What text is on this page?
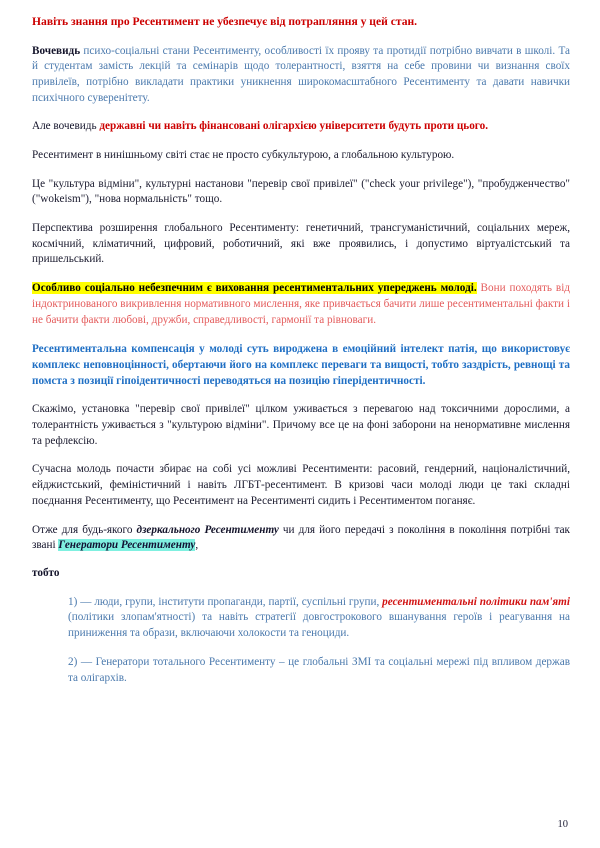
Навіть знання про Ресентимент не убезпечує від потрапляння у цей стан.

Вочевидь психо-соціальні стани Ресентименту, особливості їх прояву та протидії потрібно вивчати в школі. Та й студентам замість лекцій та семінарів щодо толерантності, взяття на себе провини чи визнання своїх привілеїв, потрібно викладати практики уникнення широкомасштабного Ресентименту та давати навички психічного суверенітету.

Але вочевидь державні чи навіть фінансовані олігархією університети будуть проти цього.

Ресентимент в нинішньому світі стає не просто субкультурою, а глобальною культурою.

Це "культура відміни", культурні настанови "перевір свої привілеї" ("check your privilege"), "пробудженчество" ("wokeism"), "нова нормальність" тощо.

Перспектива розширення глобального Ресентименту: генетичний, трансгуманістичний, соціальних мереж, космічний, кліматичний, цифровий, роботичний, які вже проявились, і допустимо віртуалістський та пришельський.

Особливо соціально небезпечним є виховання ресентиментальних упереджень молоді. Вони походять від індоктринованого викривлення нормативного мислення, яке привчається бачити лише ресентиментальні факти і не бачити факти любові, дружби, справедливості, гармонії та рівноваги.

Ресентиментальна компенсація у молоді суть вироджена в емоційний інтелект патія, що використовує комплекс неповноцінності, обертаючи його на комплекс переваги та вищості, тобто заздрість, ревнощі та помста з позиції гіпоідентичності переводяться на позицію гіперідентичності.

Скажімо, установка "перевір свої привілеї" цілком уживається з перевагою над токсичними дорослими, а толерантність уживається з "культурою відміни". Причому все це на фоні заборони на ненормативне мислення та рефлексію.

Сучасна молодь почасти збирає на собі усі можливі Ресентименти: расовий, гендерний, націоналістичний, ейджистський, феміністичний і навіть ЛГБТ-ресентимент. В кризові часи молоді люди це такі складні поєднання Ресентименту, що Ресентимент на Ресентименті сидить і Ресентиментом поганяє.

Отже для будь-якого дзеркального Ресентименту чи для його передачі з покоління в покоління потрібні так звані Генератори Ресентименту,

тобто

1) — люди, групи, інститути пропаганди, партії, суспільні групи, ресентиментальні політики пам'яті (політики злопам'ятності) та навіть стратегії довгострокового вшанування героїв і реагування на приниження та образи, включаючи холокости та геноциди.

2) — Генератори тотального Ресентименту – це глобальні ЗМІ та соціальні мережі під впливом держав та олігархів.

10
